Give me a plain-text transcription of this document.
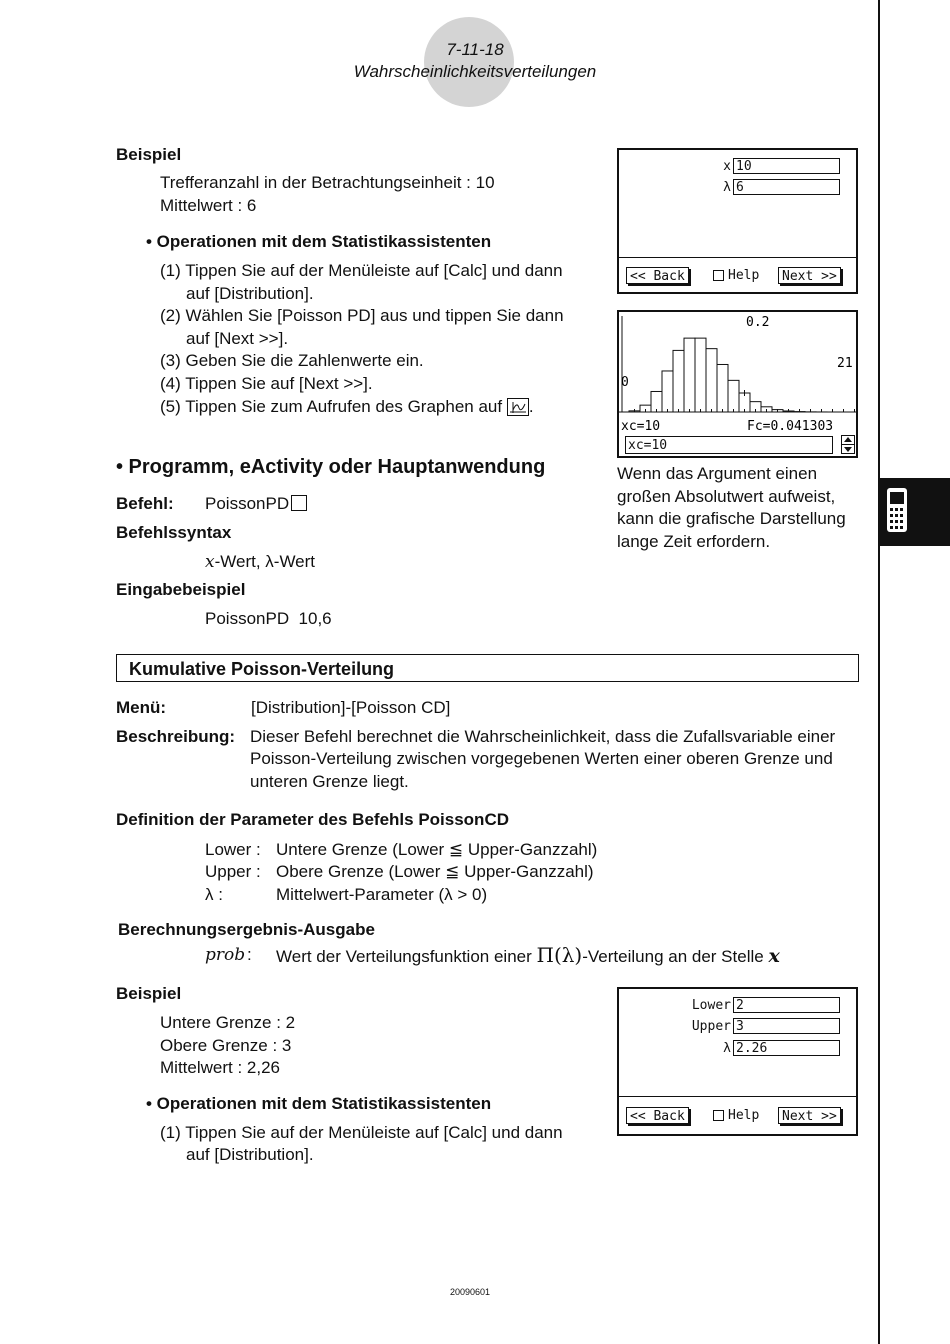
7-11-18
Wahrscheinlichkeitsverteilungen
Beispiel
Trefferanzahl in der Betrachtungseinheit : 10
Mittelwert : 6
• Operationen mit dem Statistikassistenten
(1) Tippen Sie auf der Menüleiste auf [Calc] und dann
auf [Distribution].
(2) Wählen Sie [Poisson PD] aus und tippen Sie dann
auf [Next >>].
(3) Geben Sie die Zahlenwerte ein.
(4) Tippen Sie auf [Next >>].
(5) Tippen Sie zum Aufrufen des Graphen auf .
x 10
λ 6
<< Back	Help	Next >>
0.2
21
0
xc=10	Fc=0.041303
xc=10
Wenn das Argument einen
großen Absolutwert aufweist,
kann die grafische Darstellung
lange Zeit erfordern.
• Programm, eActivity oder Hauptanwendung
Befehl: PoissonPD
Befehlssyntax
x-Wert, λ-Wert
Eingabebeispiel
PoissonPD  10,6
Kumulative Poisson-Verteilung
Menü:	[Distribution]-[Poisson CD]
Beschreibung: Dieser Befehl berechnet die Wahrscheinlichkeit, dass die Zufallsvariable einer
Poisson-Verteilung zwischen vorgegebenen Werten einer oberen Grenze und
unteren Grenze liegt.
Definition der Parameter des Befehls PoissonCD
Lower : Untere Grenze (Lower ≦ Upper-Ganzzahl)
Upper : Obere Grenze (Lower ≦ Upper-Ganzzahl)
λ :	Mittelwert-Parameter (λ > 0)
Berechnungsergebnis-Ausgabe
prob : Wert der Verteilungsfunktion einer Π(λ)-Verteilung an der Stelle x
Beispiel
Untere Grenze : 2
Obere Grenze : 3
Mittelwert : 2,26
• Operationen mit dem Statistikassistenten
(1) Tippen Sie auf der Menüleiste auf [Calc] und dann
auf [Distribution].
Lower 2
Upper 3
λ 2.26
<< Back	Help	Next >>
20090601
